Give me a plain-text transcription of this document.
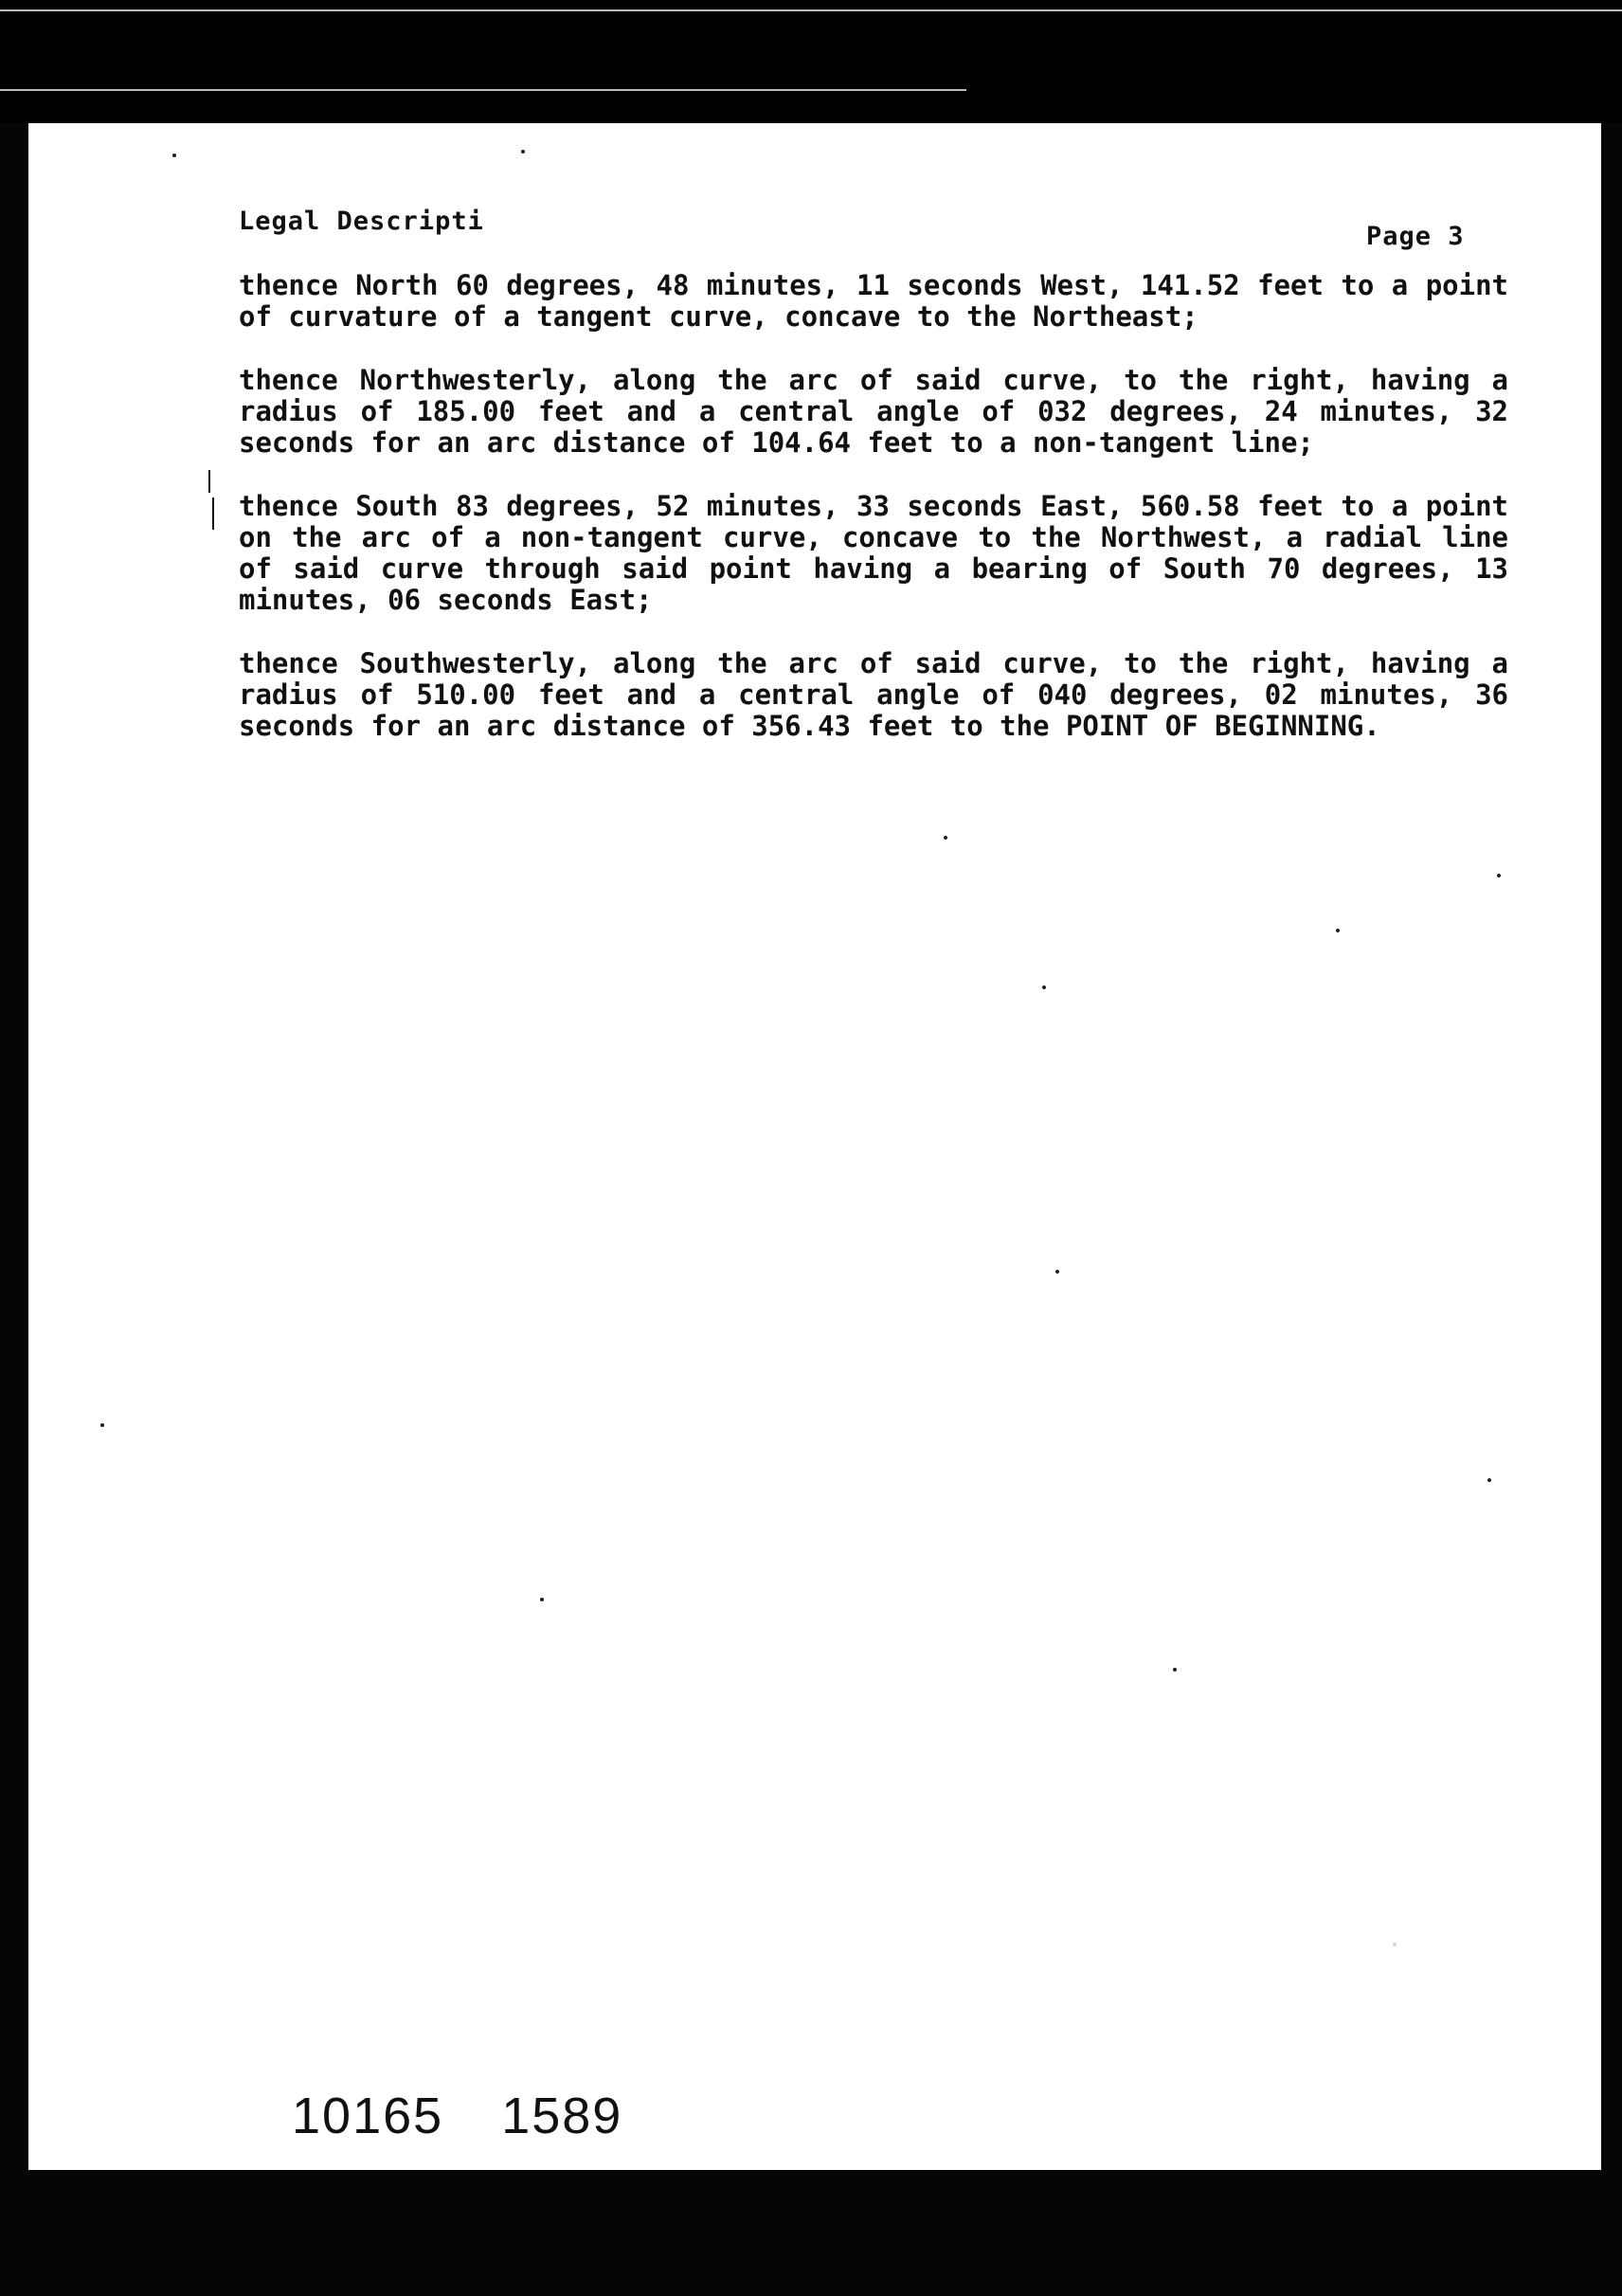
Legal Descripti
Page 3

thence North 60 degrees, 48 minutes, 11 seconds West, 141.52 feet to a point of curvature of a tangent curve, concave to the Northeast;

thence Northwesterly, along the arc of said curve, to the right, having a radius of 185.00 feet and a central angle of 032 degrees, 24 minutes, 32 seconds for an arc distance of 104.64 feet to a non-tangent line;

thence South 83 degrees, 52 minutes, 33 seconds East, 560.58 feet to a point on the arc of a non-tangent curve, concave to the Northwest, a radial line of said curve through said point having a bearing of South 70 degrees, 13 minutes, 06 seconds East;

thence Southwesterly, along the arc of said curve, to the right, having a radius of 510.00 feet and a central angle of 040 degrees, 02 minutes, 36 seconds for an arc distance of 356.43 feet to the POINT OF BEGINNING.

10165 1589
